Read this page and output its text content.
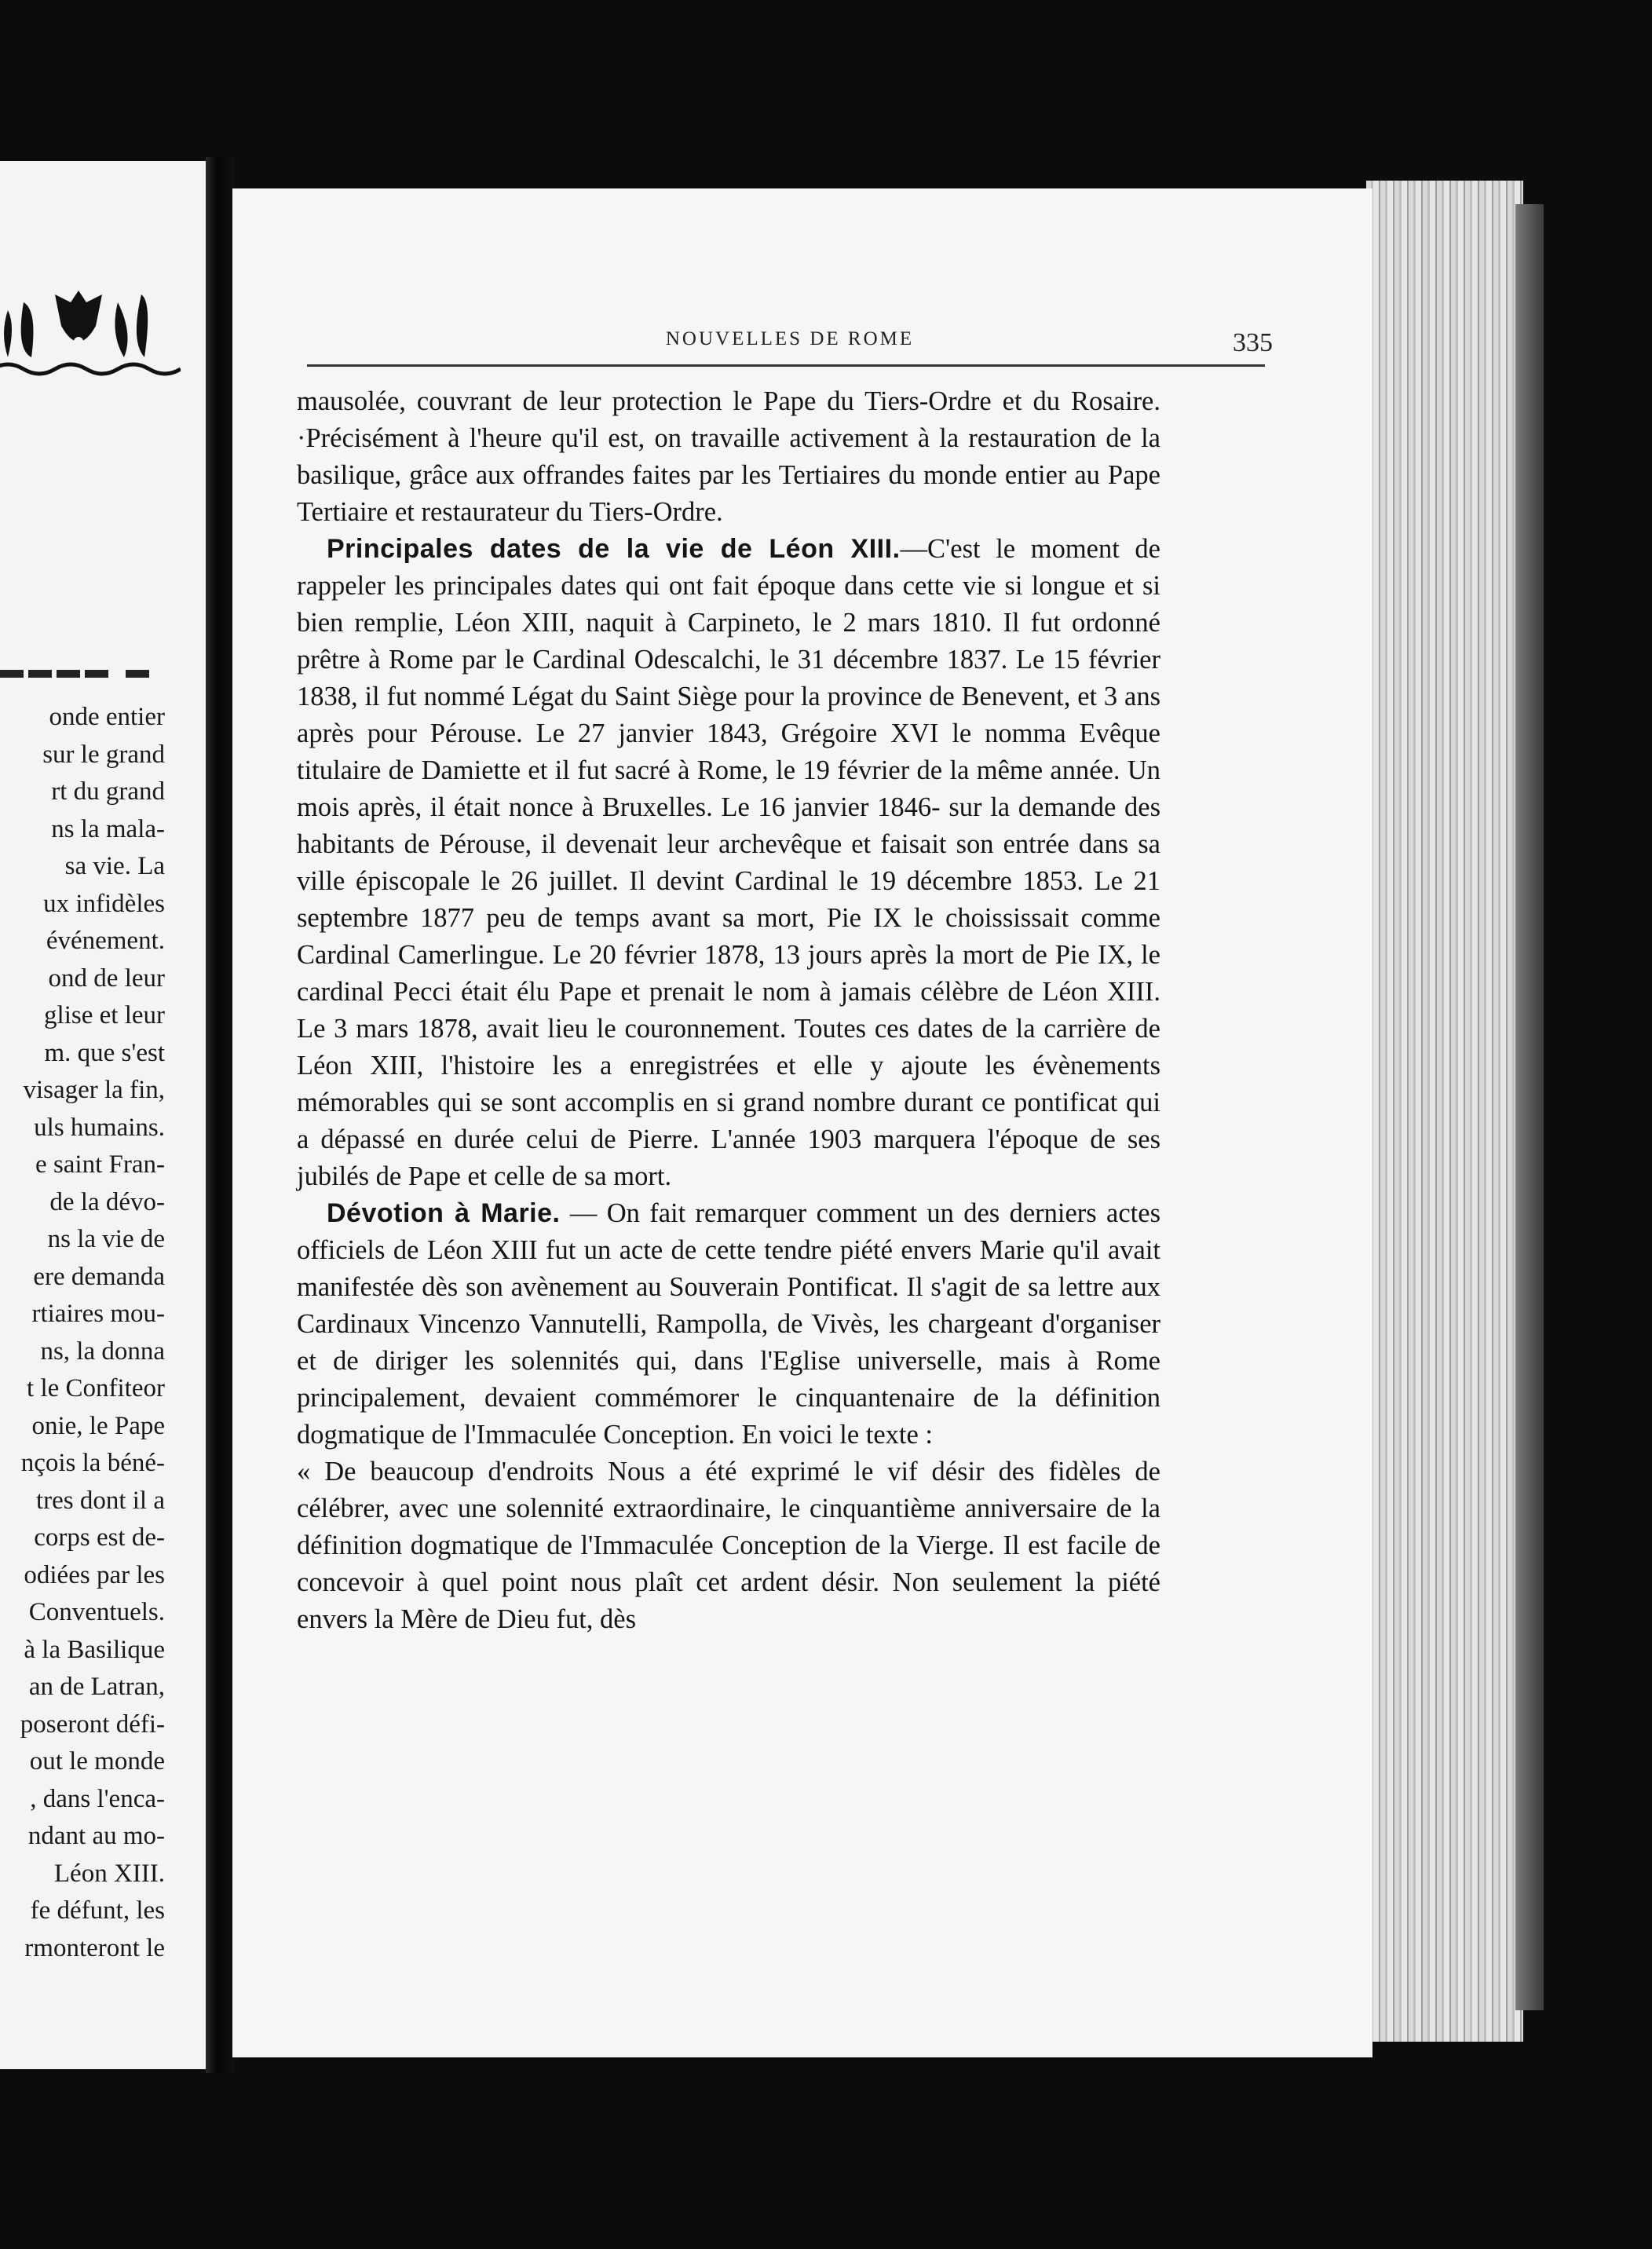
onde entier
sur le grand
rt du grand
ns la mala-
sa vie. La
ux infidèles
événement.
ond de leur
glise et leur
m. que s'est
visager la fin,
uls humains.
e saint Fran-
de la dévo-
ns la vie de
ere demanda
rtiaires mou-
ns, la donna
t le Confiteor
onie, le Pape
nçois la béné-
tres dont il a
corps est de-
odiées par les
Conventuels.
à la Basilique
an de Latran,
poseront défi-
out le monde
, dans l'enca-
ndant au mo-
Léon XIII.
fe défunt, les
rmonteront le
NOUVELLES DE ROME	335

mausolée, couvrant de leur protection le Pape du Tiers-Ordre et du Rosaire. ·Précisément à l'heure qu'il est, on travaille activement à la restauration de la basilique, grâce aux offrandes faites par les Tertiaires du monde entier au Pape Tertiaire et restaurateur du Tiers-Ordre.

Principales dates de la vie de Léon XIII.—C'est le moment de rappeler les principales dates qui ont fait époque dans cette vie si longue et si bien remplie, Léon XIII, naquit à Carpineto, le 2 mars 1810. Il fut ordonné prêtre à Rome par le Cardinal Odescalchi, le 31 décembre 1837. Le 15 février 1838, il fut nommé Légat du Saint Siège pour la province de Benevent, et 3 ans après pour Pérouse. Le 27 janvier 1843, Grégoire XVI le nomma Evêque titulaire de Damiette et il fut sacré à Rome, le 19 février de la même année. Un mois après, il était nonce à Bruxelles. Le 16 janvier 1846- sur la demande des habitants de Pérouse, il devenait leur archevêque et faisait son entrée dans sa ville épiscopale le 26 juillet. Il devint Cardinal le 19 décembre 1853. Le 21 septembre 1877 peu de temps avant sa mort, Pie IX le choississait comme Cardinal Camerlingue. Le 20 février 1878, 13 jours après la mort de Pie IX, le cardinal Pecci était élu Pape et prenait le nom à jamais célèbre de Léon XIII. Le 3 mars 1878, avait lieu le couronnement. Toutes ces dates de la carrière de Léon XIII, l'histoire les a enregistrées et elle y ajoute les évènements mémorables qui se sont accomplis en si grand nombre durant ce pontificat qui a dépassé en durée celui de Pierre. L'année 1903 marquera l'époque de ses jubilés de Pape et celle de sa mort.

Dévotion à Marie. — On fait remarquer comment un des derniers actes officiels de Léon XIII fut un acte de cette tendre piété envers Marie qu'il avait manifestée dès son avènement au Souverain Pontificat. Il s'agit de sa lettre aux Cardinaux Vincenzo Vannutelli, Rampolla, de Vivès, les chargeant d'organiser et de diriger les solennités qui, dans l'Eglise universelle, mais à Rome principalement, devaient commémorer le cinquantenaire de la définition dogmatique de l'Immaculée Conception. En voici le texte :

« De beaucoup d'endroits Nous a été exprimé le vif désir des fidèles de célébrer, avec une solennité extraordinaire, le cinquantième anniversaire de la définition dogmatique de l'Immaculée Conception de la Vierge. Il est facile de concevoir à quel point nous plaît cet ardent désir. Non seulement la piété envers la Mère de Dieu fut, dès
